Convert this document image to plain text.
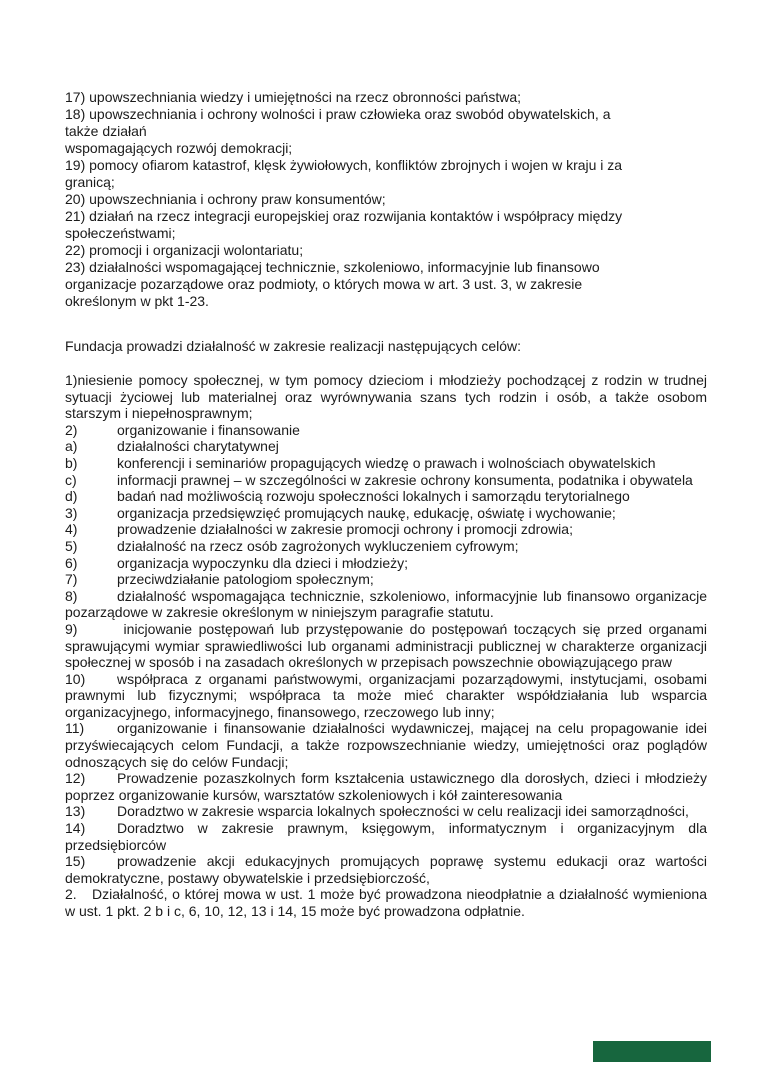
17) upowszechniania wiedzy i umiejętności na rzecz obronności państwa;
18) upowszechniania i ochrony wolności i praw człowieka oraz swobód obywatelskich, a
także działań
wspomagających rozwój demokracji;
19) pomocy ofiarom katastrof, klęsk żywiołowych, konfliktów zbrojnych i wojen w kraju i za
granicą;
20) upowszechniania i ochrony praw konsumentów;
21) działań na rzecz integracji europejskiej oraz rozwijania kontaktów i współpracy między
społeczeństwami;
22) promocji i organizacji wolontariatu;
23) działalności wspomagającej technicznie, szkoleniowo, informacyjnie lub finansowo
organizacje pozarządowe oraz podmioty, o których mowa w art. 3 ust. 3, w zakresie
określonym w pkt 1-23.
Fundacja prowadzi działalność w zakresie realizacji następujących celów:

1)niesienie pomocy społecznej, w tym pomocy dzieciom i młodzieży pochodzącej z rodzin w trudnej sytuacji życiowej lub materialnej oraz wyrównywania szans tych rodzin i osób, a także osobom starszym i niepełnosprawnym;

2)	organizowanie i finansowanie

a)	działalności charytatywnej

b)	konferencji i seminariów propagujących wiedzę o prawach i wolnościach obywatelskich

c)	informacji prawnej – w szczególności w zakresie ochrony konsumenta, podatnika i obywatela

d)	badań nad możliwością rozwoju społeczności lokalnych i samorządu terytorialnego

3)	organizacja przedsięwzięć promujących naukę, edukację, oświatę i wychowanie;

4)	prowadzenie działalności w zakresie promocji ochrony i promocji zdrowia;

5)	działalność na rzecz osób zagrożonych wykluczeniem cyfrowym;

6)	organizacja wypoczynku dla dzieci i młodzieży;

7)	przeciwdziałanie patologiom społecznym;

8)	działalność wspomagająca technicznie, szkoleniowo, informacyjnie lub finansowo organizacje pozarządowe w zakresie określonym w niniejszym paragrafie statutu.

9)	inicjowanie postępowań lub przystępowanie do postępowań toczących się przed organami sprawującymi wymiar sprawiedliwości lub organami administracji publicznej w charakterze organizacji społecznej w sposób i na zasadach określonych w przepisach powszechnie obowiązującego praw

10) współpraca z organami państwowymi, organizacjami pozarządowymi, instytucjami, osobami prawnymi lub fizycznymi; współpraca ta może mieć charakter współdziałania lub wsparcia organizacyjnego, informacyjnego, finansowego, rzeczowego lub inny;

11) organizowanie i finansowanie działalności wydawniczej, mającej na celu propagowanie idei przyświecających celom Fundacji, a także rozpowszechnianie wiedzy, umiejętności oraz poglądów odnoszących się do celów Fundacji;

12) Prowadzenie pozaszkolnych form kształcenia ustawicznego dla dorosłych, dzieci i młodzieży poprzez organizowanie kursów, warsztatów szkoleniowych i kół zainteresowania

13) Doradztwo w zakresie wsparcia lokalnych społeczności w celu realizacji idei samorządności,

14) Doradztwo w zakresie prawnym, księgowym, informatycznym i organizacyjnym dla przedsiębiorców

15) prowadzenie akcji edukacyjnych promujących poprawę systemu edukacji oraz wartości demokratyczne, postawy obywatelskie i przedsiębiorczość,

2. Działalność, o której mowa w ust. 1 może być prowadzona nieodpłatnie a działalność wymieniona w ust. 1 pkt. 2 b i c, 6, 10, 12, 13 i 14, 15 może być prowadzona odpłatnie.
